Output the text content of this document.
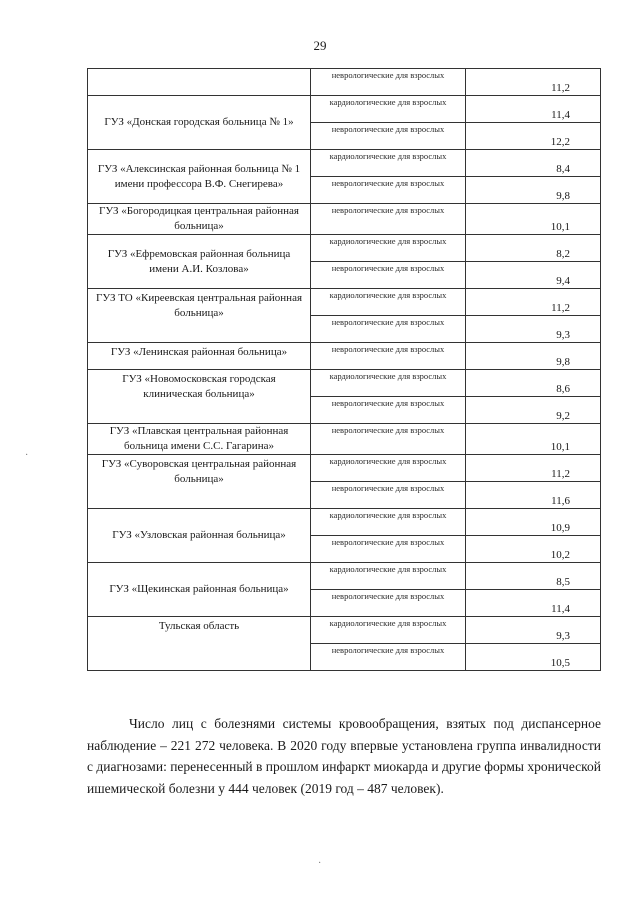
29
	неврологические для взрослых	11,2
ГУЗ «Донская городская больница № 1»	кардиологические для взрослых	11,4
	неврологические для взрослых	12,2
ГУЗ «Алексинская районная больница № 1 имени профессора В.Ф. Снегирева»	кардиологические для взрослых	8,4
	неврологические для взрослых	9,8
ГУЗ «Богородицкая центральная районная больница»	неврологические для взрослых	10,1
ГУЗ «Ефремовская районная больница имени А.И. Козлова»	кардиологические для взрослых	8,2
	неврологические для взрослых	9,4
ГУЗ ТО «Киреевская центральная районная больница»	кардиологические для взрослых	11,2
	неврологические для взрослых	9,3
ГУЗ «Ленинская районная больница»	неврологические для взрослых	9,8
ГУЗ «Новомосковская городская клиническая больница»	кардиологические для взрослых	8,6
	неврологические для взрослых	9,2
ГУЗ «Плавская центральная районная больница имени С.С. Гагарина»	неврологические для взрослых	10,1
ГУЗ «Суворовская центральная районная больница»	кардиологические для взрослых	11,2
	неврологические для взрослых	11,6
ГУЗ «Узловская районная больница»	кардиологические для взрослых	10,9
	неврологические для взрослых	10,2
ГУЗ «Щекинская районная больница»	кардиологические для взрослых	8,5
	неврологические для взрослых	11,4
Тульская область	кардиологические для взрослых	9,3
	неврологические для взрослых	10,5

Число лиц с болезнями системы кровообращения, взятых под диспансерное наблюдение – 221 272 человека. В 2020 году впервые установлена группа инвалидности с диагнозами: перенесенный в прошлом инфаркт миокарда и другие формы хронической ишемической болезни у 444 человек (2019 год – 487 человек).

·
·
